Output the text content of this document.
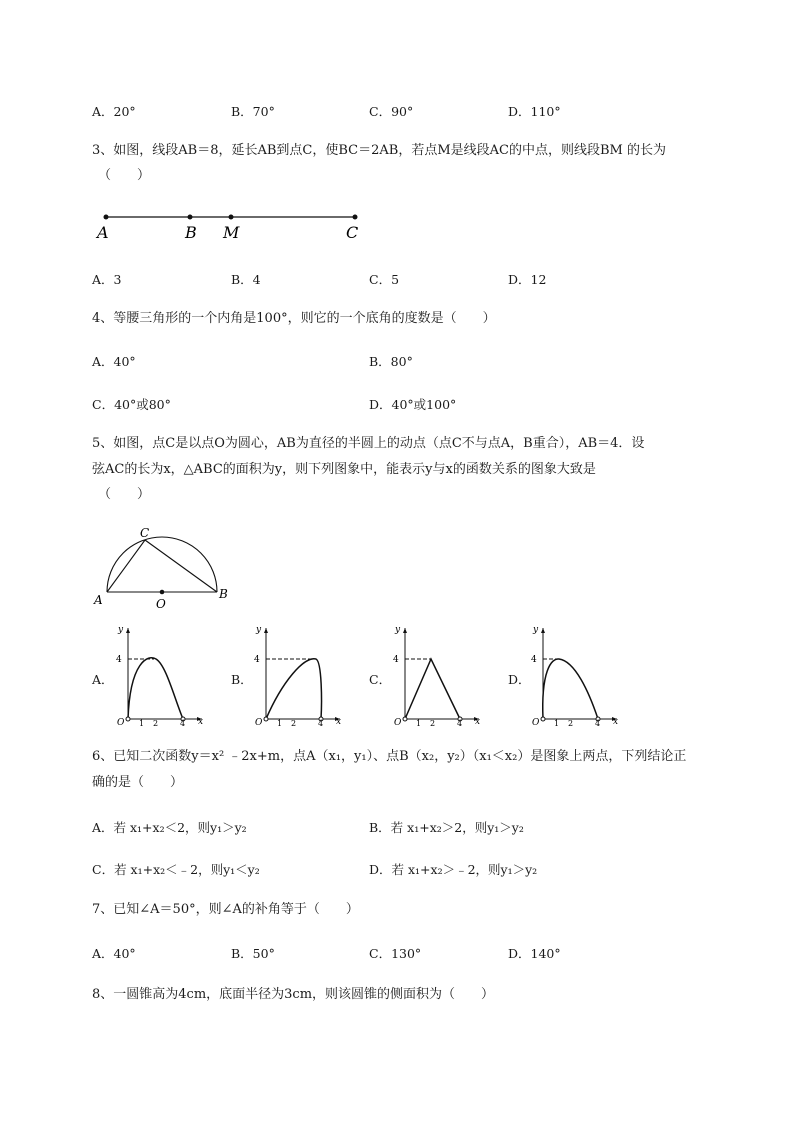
A．20°	B．70°	C．90°	D．110°
3、如图，线段AB＝8，延长AB到点C，使BC＝2AB，若点M是线段AC的中点，则线段BM 的长为
（　　）
A	B M	C
A．3	B．4	C．5	D．12
4、等腰三角形的一个内角是100°，则它的一个底角的度数是（　　）
A．40°	B．80°
C．40°或80°	D．40°或100°
5、如图，点C是以点O为圆心，AB为直径的半圆上的动点（点C不与点A，B重合），AB＝4．设
弦AC的长为x，△ABC的面积为y，则下列图象中，能表示y与x的函数关系的图象大致是
（　　）
C
A	O
B
A．	B．	C．	D．
y
x
O
4
1 2	4
y
x
O
4
1 2	4
y
x
O
4
1 2	4
y
x
O
4
1 2	4
6、已知二次函数y＝x² ﹣2x+m，点A（x₁，y₁）、点B（x₂，y₂）（x₁＜x₂）是图象上两点，下列结论正
确的是（　　）
A．若 x₁+x₂＜2，则y₁＞y₂	B．若 x₁+x₂＞2，则y₁＞y₂
C．若 x₁+x₂＜﹣2，则y₁＜y₂	D．若 x₁+x₂＞﹣2，则y₁＞y₂
7、已知∠A＝50°，则∠A的补角等于（　　）
A．40°	B．50°	C．130°	D．140°
8、一圆锥高为4cm，底面半径为3cm，则该圆锥的侧面积为（　　）
